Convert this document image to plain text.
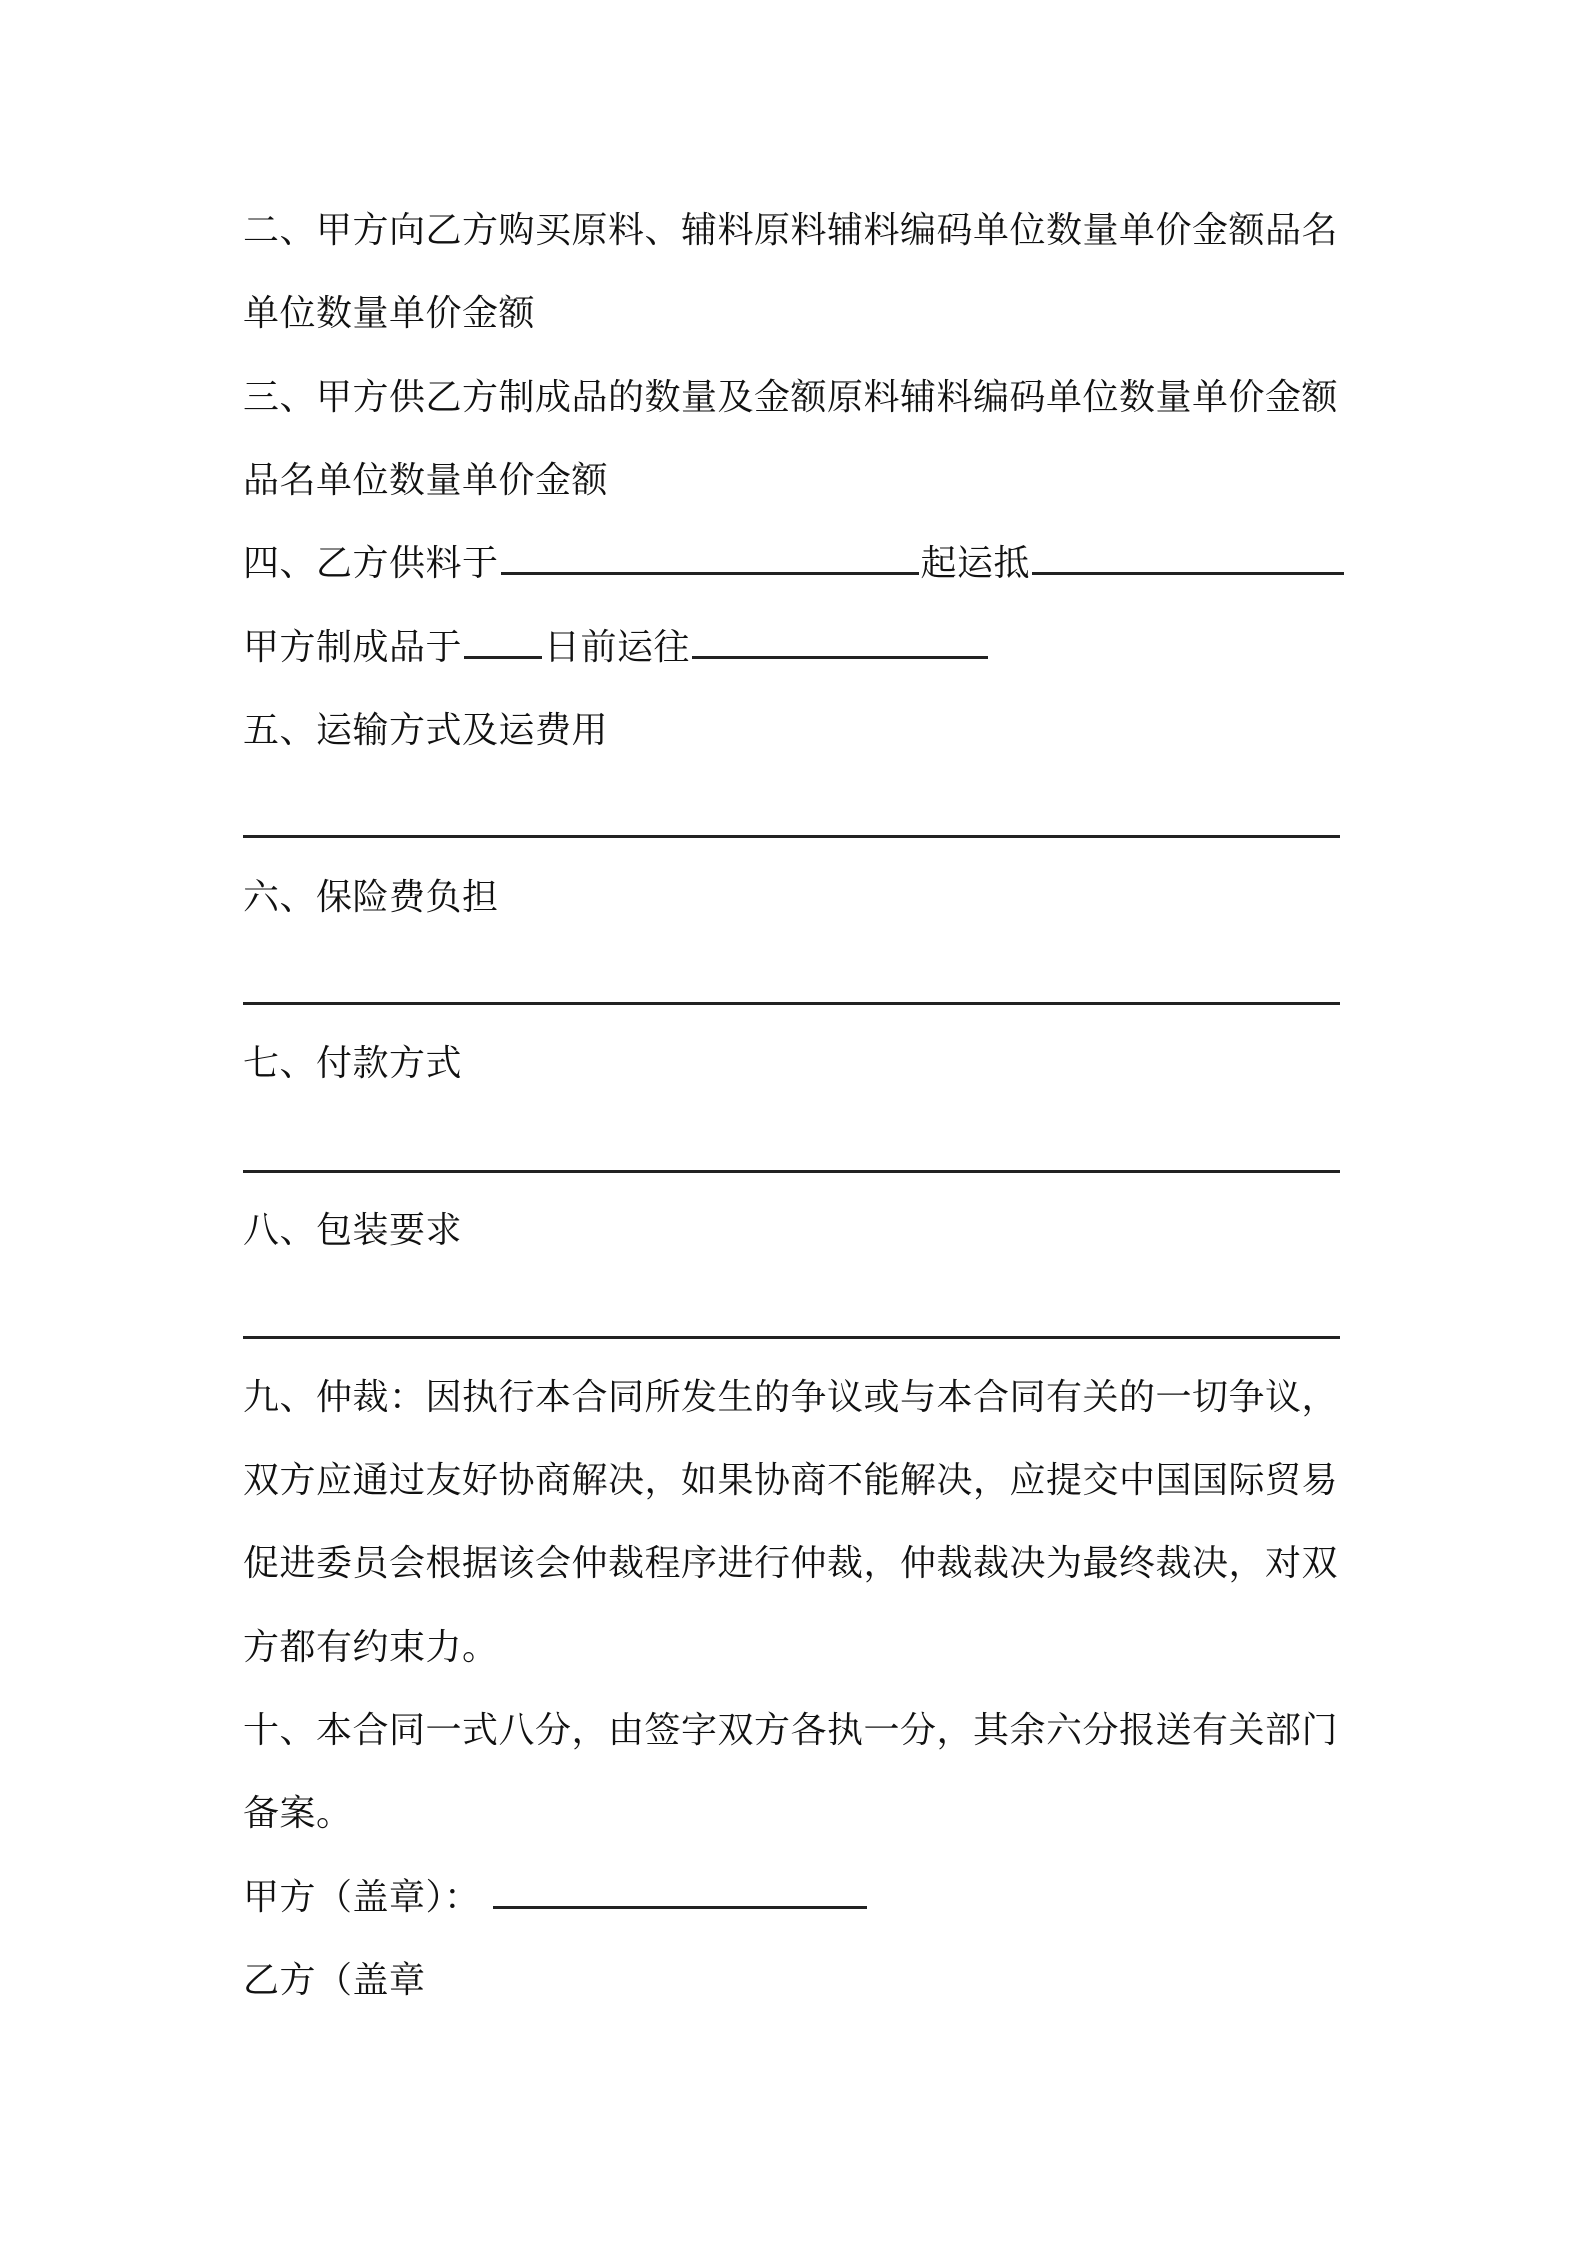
二、甲方向乙方购买原料、辅料原料辅料编码单位数量单价金额品名
单位数量单价金额
三、甲方供乙方制成品的数量及金额原料辅料编码单位数量单价金额
品名单位数量单价金额
四、乙方供料于	起运抵
甲方制成品于 日前运往
五、运输方式及运费用
六、保险费负担
七、付款方式
八、包装要求
九、仲裁：因执行本合同所发生的争议或与本合同有关的一切争议，
双方应通过友好协商解决，如果协商不能解决，应提交中国国际贸易
促进委员会根据该会仲裁程序进行仲裁，仲裁裁决为最终裁决，对双
方都有约束力。
十、本合同一式八分，由签字双方各执一分，其余六分报送有关部门
备案。
甲方（盖章）：
乙方（盖章
